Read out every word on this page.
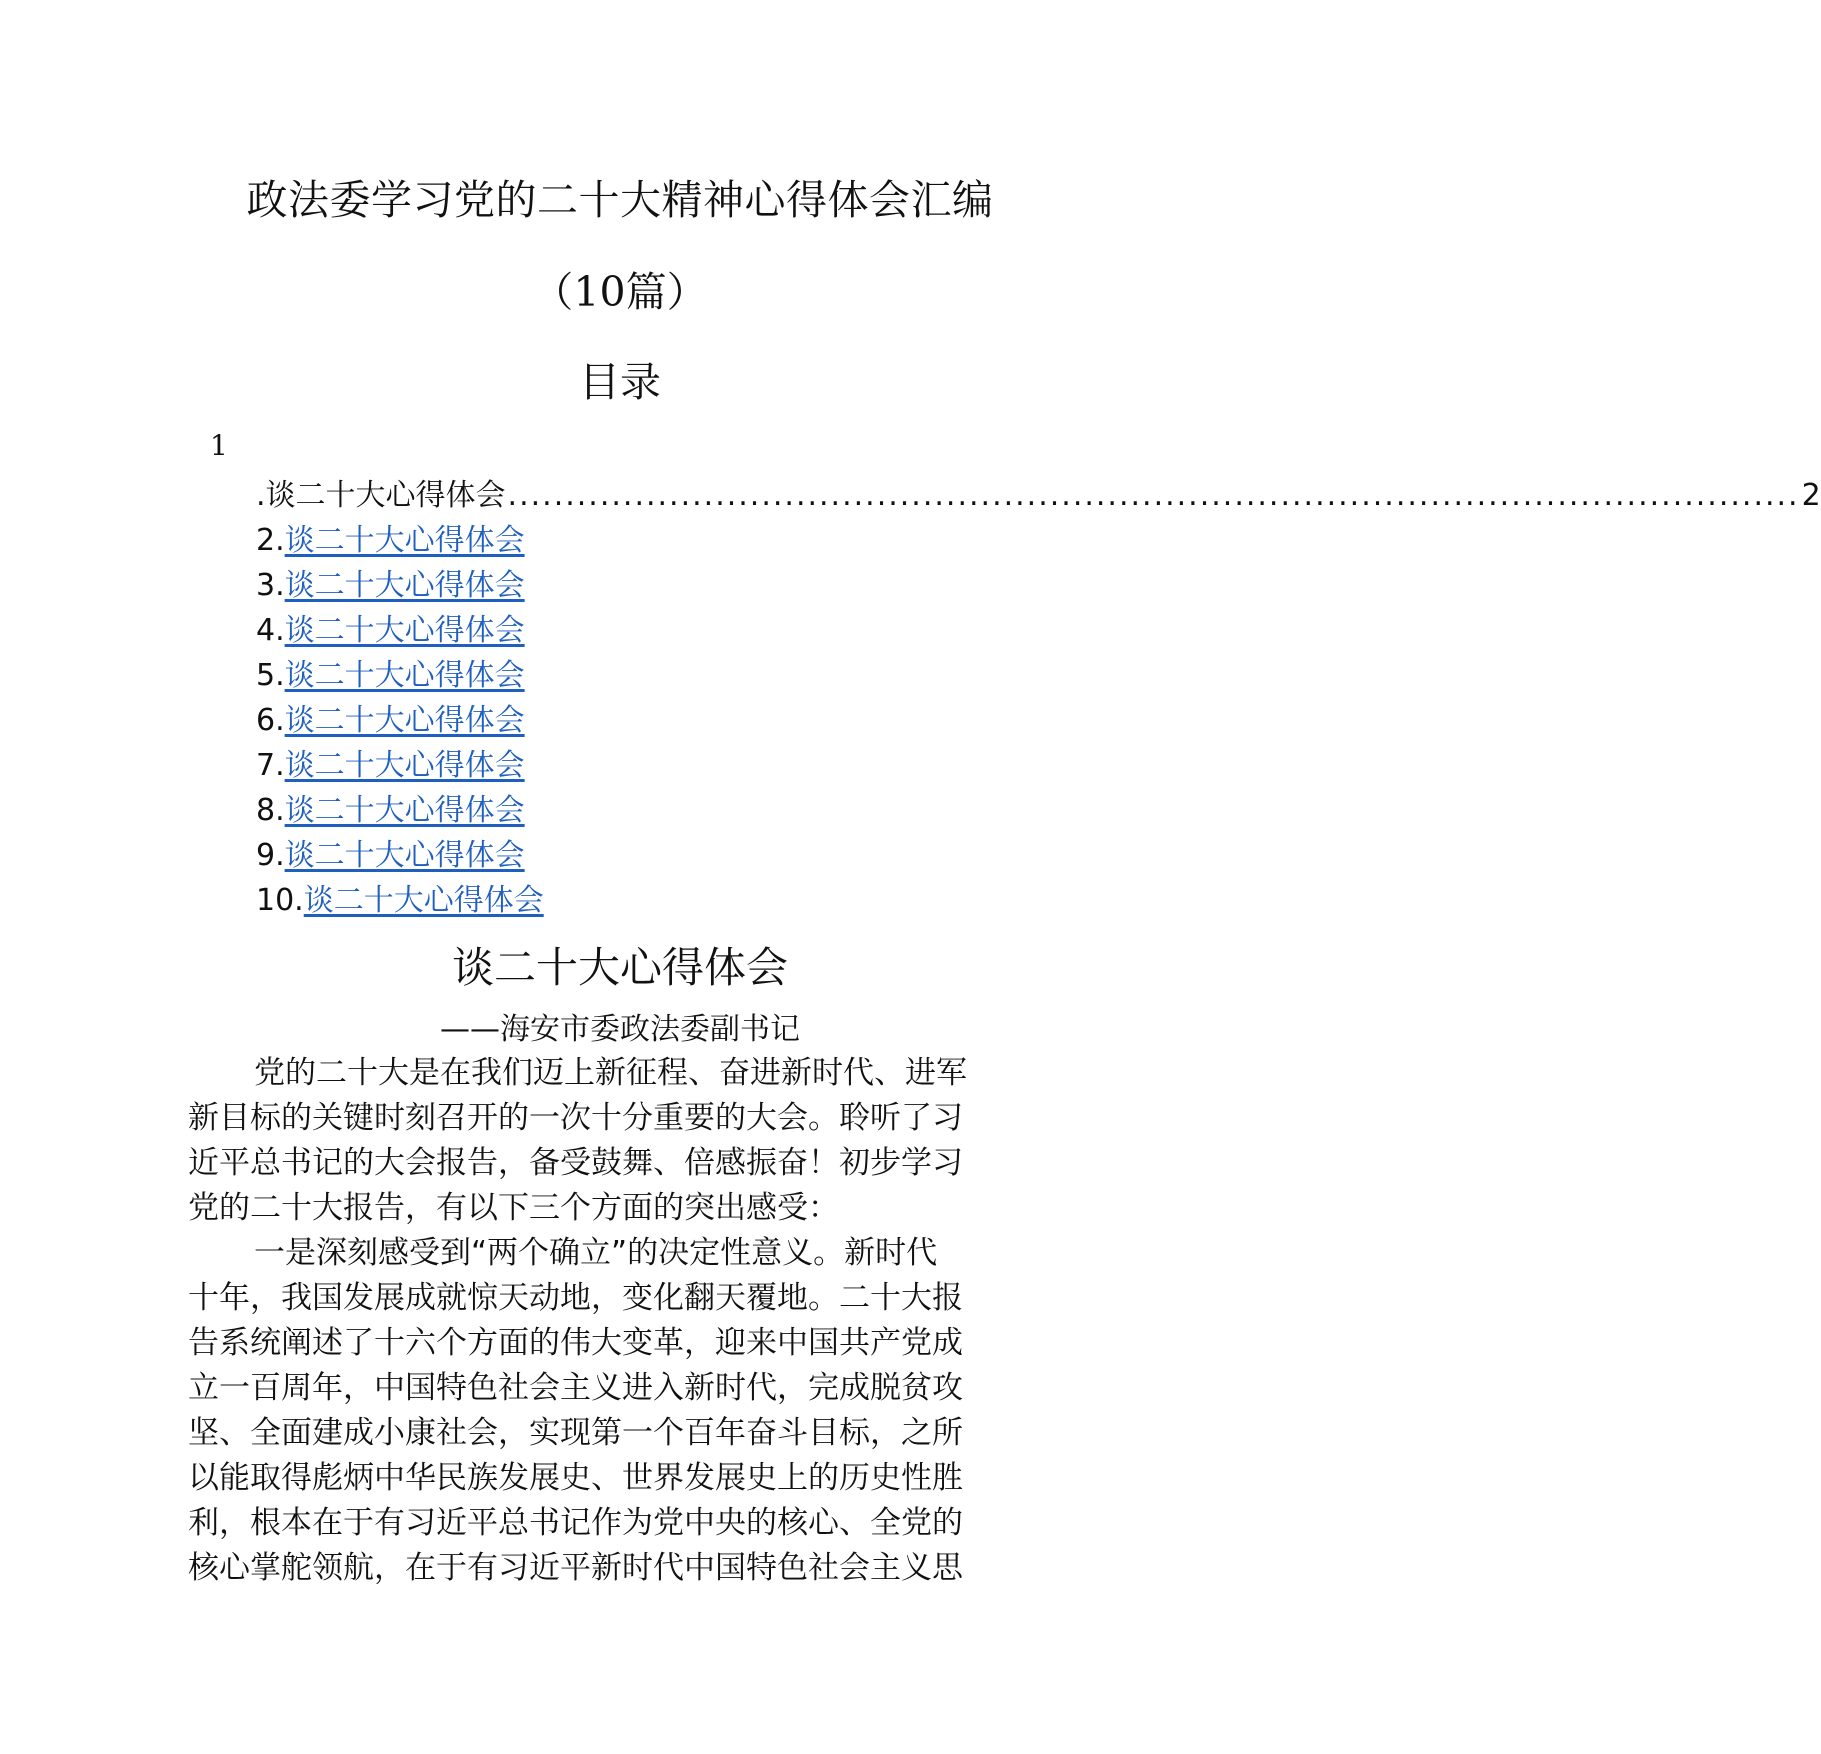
政法委学习党的二十大精神心得体会汇编
（10篇）
目录
1
.谈二十大心得体会 ................................................................................................................ 2
2.谈二十大心得体会
3.谈二十大心得体会
4.谈二十大心得体会
5.谈二十大心得体会
6.谈二十大心得体会
7.谈二十大心得体会
8.谈二十大心得体会
9.谈二十大心得体会
10.谈二十大心得体会
谈二十大心得体会
——海安市委政法委副书记
党的二十大是在我们迈上新征程、奋进新时代、进军
新目标的关键时刻召开的一次十分重要的大会。聆听了习
近平总书记的大会报告，备受鼓舞、倍感振奋！初步学习
党的二十大报告，有以下三个方面的突出感受：
一是深刻感受到“两个确立”的决定性意义。新时代
十年，我国发展成就惊天动地，变化翻天覆地。二十大报
告系统阐述了十六个方面的伟大变革，迎来中国共产党成
立一百周年，中国特色社会主义进入新时代，完成脱贫攻
坚、全面建成小康社会，实现第一个百年奋斗目标，之所
以能取得彪炳中华民族发展史、世界发展史上的历史性胜
利，根本在于有习近平总书记作为党中央的核心、全党的
核心掌舵领航，在于有习近平新时代中国特色社会主义思
